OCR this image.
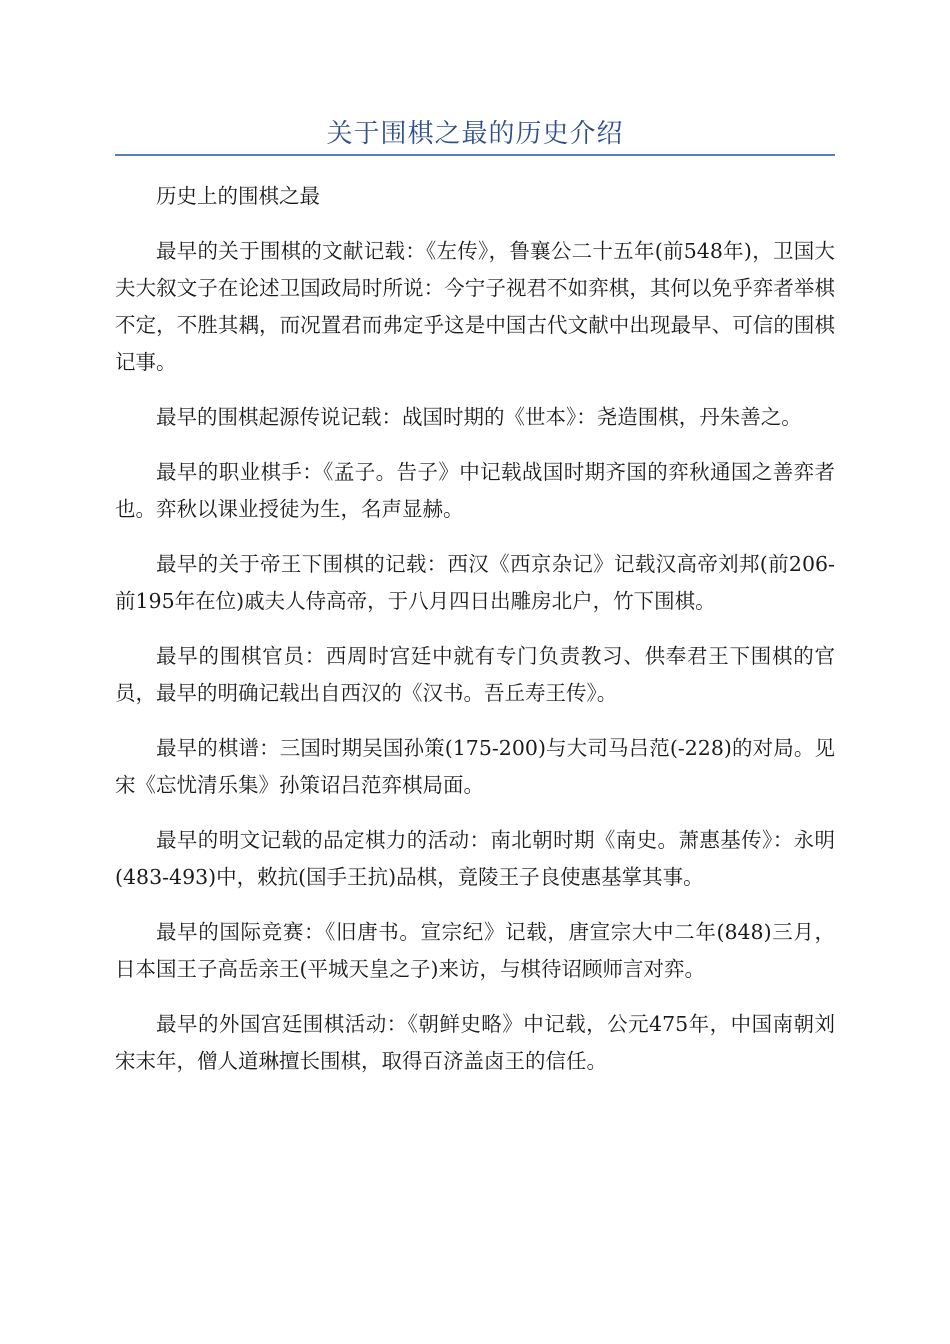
关于围棋之最的历史介绍

历史上的围棋之最

最早的关于围棋的文献记载：《左传》，鲁襄公二十五年(前548年)，卫国大夫大叙文子在论述卫国政局时所说：今宁子视君不如弈棋，其何以免乎弈者举棋不定，不胜其耦，而况置君而弗定乎这是中国古代文献中出现最早、可信的围棋记事。

最早的围棋起源传说记载：战国时期的《世本》：尧造围棋，丹朱善之。

最早的职业棋手：《孟子。告子》中记载战国时期齐国的弈秋通国之善弈者也。弈秋以课业授徒为生，名声显赫。

最早的关于帝王下围棋的记载：西汉《西京杂记》记载汉高帝刘邦(前206-前195年在位)戚夫人侍高帝，于八月四日出雕房北户，竹下围棋。

最早的围棋官员：西周时宫廷中就有专门负责教习、供奉君王下围棋的官员，最早的明确记载出自西汉的《汉书。吾丘寿王传》。

最早的棋谱：三国时期吴国孙策(175-200)与大司马吕范(-228)的对局。见宋《忘忧清乐集》孙策诏吕范弈棋局面。

最早的明文记载的品定棋力的活动：南北朝时期《南史。萧惠基传》：永明(483-493)中，敕抗(国手王抗)品棋，竟陵王子良使惠基掌其事。

最早的国际竞赛：《旧唐书。宣宗纪》记载，唐宣宗大中二年(848)三月，日本国王子高岳亲王(平城天皇之子)来访，与棋待诏顾师言对弈。

最早的外国宫廷围棋活动：《朝鲜史略》中记载，公元475年，中国南朝刘宋末年，僧人道琳擅长围棋，取得百济盖卤王的信任。
